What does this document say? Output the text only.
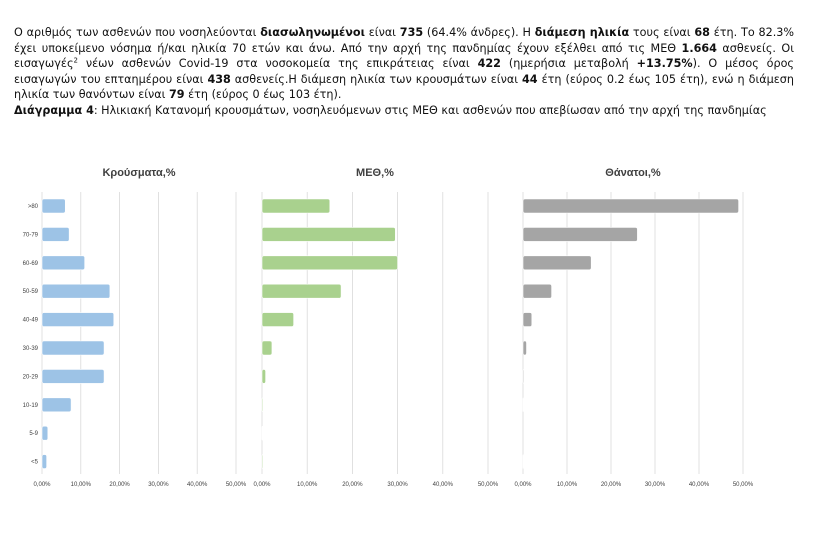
Ο αριθμός των ασθενών που νοσηλεύονται διασωληνωμένοι είναι 735 (64.4% άνδρες). Η διάμεση ηλικία τους είναι 68 έτη. Το 82.3% έχει υποκείμενο νόσημα ή/και ηλικία 70 ετών και άνω. Από την αρχή της πανδημίας έχουν εξέλθει από τις ΜΕΘ 1.664 ασθενείς. Οι εισαγωγές$^2$ νέων ασθενών Covid-19 στα νοσοκομεία της επικράτειας είναι 422 (ημερήσια μεταβολή +13.75%). Ο μέσος όρος εισαγωγών του επταημέρου είναι 438 ασθενείς.Η διάμεση ηλικία των κρουσμάτων είναι 44 έτη (εύρος 0.2 έως 105 έτη), ενώ η διάμεση ηλικία των θανόντων είναι 79 έτη (εύρος 0 έως 103 έτη).

Διάγραμμα 4: Ηλικιακή Κατανομή κρουσμάτων, νοσηλευόμενων στις ΜΕΘ και ασθενών που απεβίωσαν από την αρχή της πανδημίας

Κρούσματα,%
0,00%	10,00%	20,00%	30,00%	40,00%	50,00%
>80
70-79
60-69
50-59
40-49
30-39
20-29
10-19
5-9
<5
ΜΕΘ,%
0,00%	10,00%	20,00%	30,00%	40,00%	50,00%
Θάνατοι,%
0,00%	10,00%	20,00%	30,00%	40,00%	50,00%
